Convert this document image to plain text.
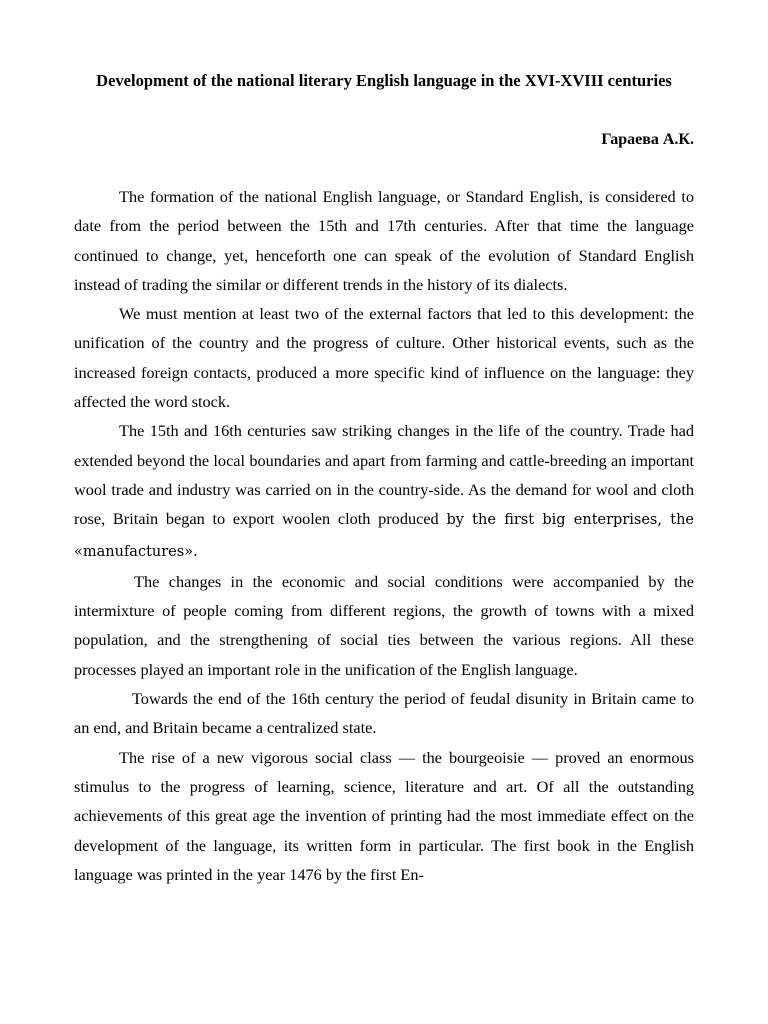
Development of the national literary English language in the XVI-XVIII centuries
Гараева А.К.

The formation of the national English language, or Standard English, is considered to date from the period between the 15th and 17th centuries. After that time the language continued to change, yet, henceforth one can speak of the evolution of Standard English instead of trading the similar or different trends in the history of its dialects.

We must mention at least two of the external factors that led to this development: the unification of the country and the progress of culture. Other historical events, such as the increased foreign contacts, produced a more specific kind of influence on the language: they affected the word stock.

The 15th and 16th centuries saw striking changes in the life of the country. Trade had extended beyond the local boundaries and apart from farming and cattle-breeding an important wool trade and industry was carried on in the country-side. As the demand for wool and cloth rose, Britain began to export woolen cloth produced by the first big enterprises, the «manufactures».

The changes in the economic and social conditions were accompanied by the intermixture of people coming from different regions, the growth of towns with a mixed population, and the strengthening of social ties between the various regions. All these processes played an important role in the unification of the English language.

Towards the end of the 16th century the period of feudal disunity in Britain came to an end, and Britain became a centralized state.

The rise of a new vigorous social class — the bourgeoisie — proved an enormous stimulus to the progress of learning, science, literature and art. Of all the outstanding achievements of this great age the invention of printing had the most immediate effect on the development of the language, its written form in particular. The first book in the English language was printed in the year 1476 by the first En-
